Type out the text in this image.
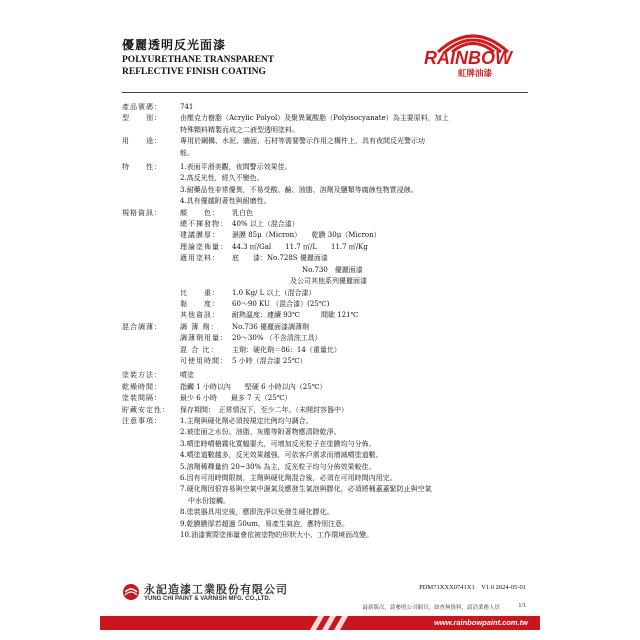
優麗透明反光面漆
POLYURETHANE TRANSPARENT
REFLECTIVE FINISH COATING
RAINBOW
虹牌油漆
產品號碼：	741
型　　別：	由壓克力樹脂（Acrylic Polyol）及聚異氰酸脂（Polyisocyanate）為主要原料，加上
特殊顆料精製而成之二液型透明塗料。
用　　途：	專用於鋼構、水泥、牆面、石材等需要警示作用之構件上，具有夜間反光警示功
能。
特　　性：	1.表面平滑美觀，夜間警示效果佳。
2.高反光性，經久不變色。
3.耐藥品性非常優異，不易受酸、鹼、油脂、溶劑及鹽類等腐蝕性物質浸蝕。
4.具有優越附著性與耐磨性。
規格資訊：	顏　　色： 乳白色
總不揮發物： 40% 以上（混合漆）
建議膜厚： 濕膜 85μ（Micron）　　乾膜 30μ（Micron）
理論塗佈量： 44.3 ㎡/Gal　　11.7 ㎡/L　　11.7 ㎡/Kg
適用塗料： 底　　漆：No.728S 優麗面漆
No.730　優麗面漆
及公司其他系列優麗面漆
比　　重： 1.0 Kg/ L 以上（混合漆）
黏　　度： 60～90 KU （混合漆）(25℃)
其他資訊： 耐熱溫度：連續 93℃　　　間歇 121℃
混合調薄：	調 薄 劑： No.736 優麗面漆調薄劑
調薄劑用量： 20～30% （不含清洗工具）
混 合 比： 主劑：硬化劑＝86：14（重量比）
可使用時間： 5 小時（混合漆 25℃）
塗裝方法：	噴塗
乾燥時間：	指觸 1 小時以內　　堅硬 6 小時以內（25℃）
塗裝間隔：	最少 6 小時　　最多 7 天（25℃）
貯藏安定性：	保存期間：　正常情況下，至少二年。（未開封容器中）
注意事項：	1.主劑與硬化劑必須按規定比例均勻調合。
2.被塗面之水份、油脂、灰塵等附著物應清除乾淨。
3.噴塗時噴槍霧化寬幅要大，可增加反光粒子在塗膜均勻分佈。
4.噴塗道數越多，反光效果越強，可依客戶需求而增減噴塗道數。
5.溶劑稀釋量約 20~30% 為主，反光粒子均勻分佈效果較佳。
6.因有可用時間限制，主劑與硬化劑混合後，必須在可用時間內用完。
7.硬化劑因很容易與空氣中濕氣及應發生氣泡與膠化，必須將桶蓋蓋緊防止與空氣
中水份接觸。
8.塗裝器具用完後，應即洗淨以免發生硬化膠化。
9.乾膜膜厚若超過 50um，易產生氣泡，應特別注意。
10.油漆實際塗佈量會依被塗物的形狀大小、工作環境而改變。
永記造漆工業股份有限公司
YUNG CHI PAINT & VARNISH MFG. CO.,LTD.
PDM71XXX0741X1　V1.0 2024-05-01
最新版次，請參照公司網頁；如查無資料，請洽業務人員	1/1
www.rainbowpaint.com.tw
